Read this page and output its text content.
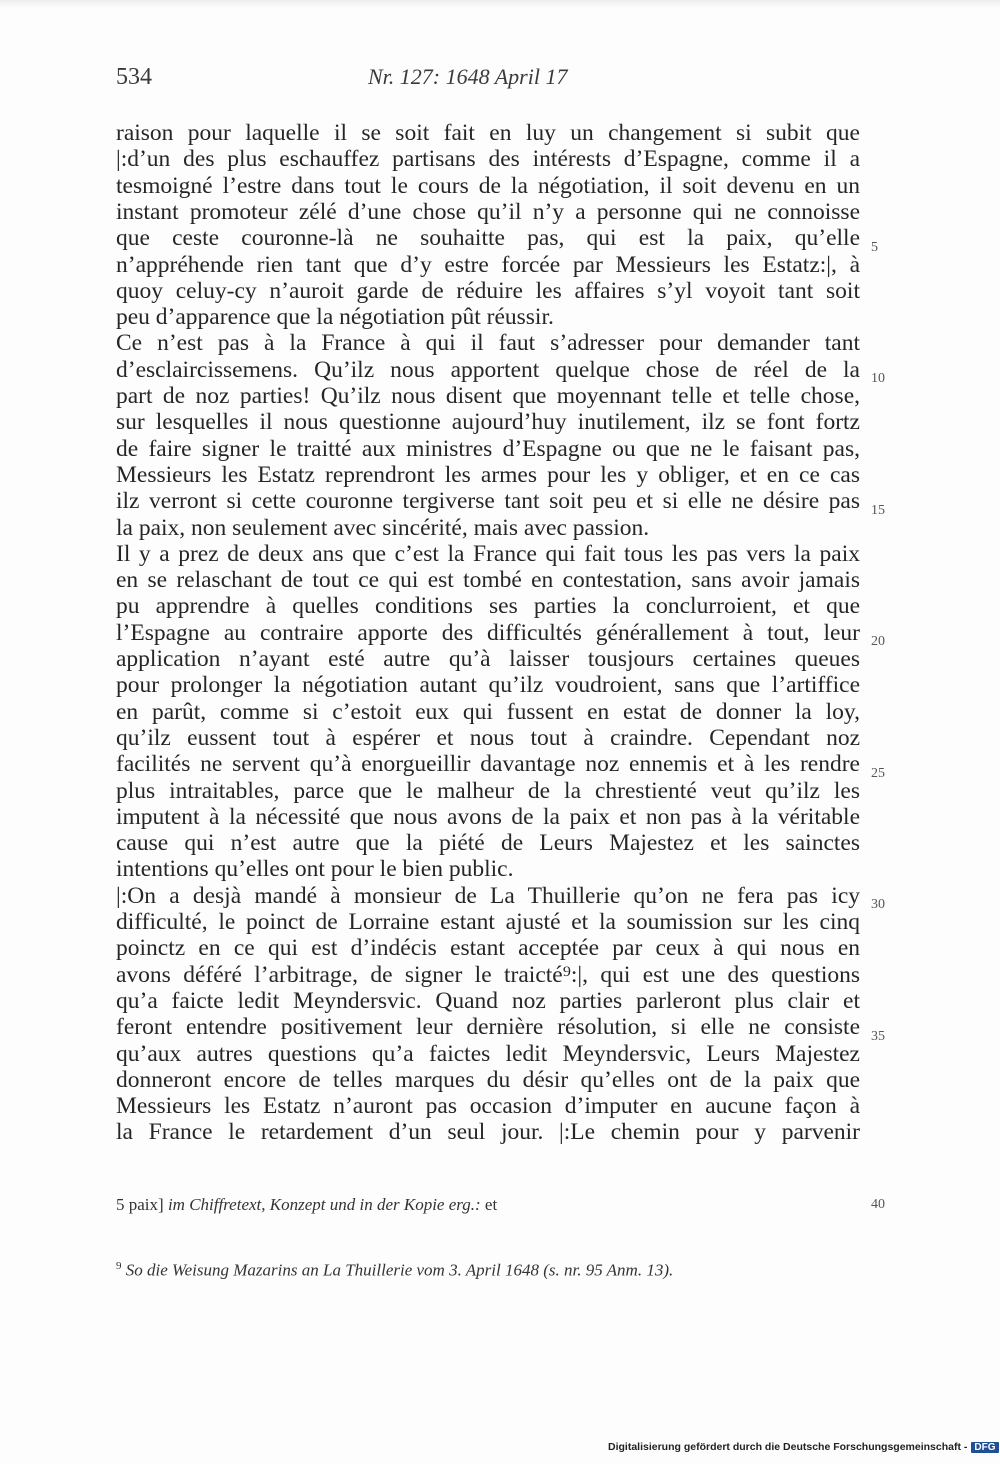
534	Nr. 127: 1648 April 17
raison pour laquelle il se soit fait en luy un changement si subit que
|:d’un des plus eschauffez partisans des intérests d’Espagne, comme il a
tesmoigné l’estre dans tout le cours de la négotiation, il soit devenu en un
instant promoteur zélé d’une chose qu’il n’y a personne qui ne connoisse
que ceste couronne-là ne souhaitte pas, qui est la paix, qu’elle
n’appréhende rien tant que d’y estre forcée par Messieurs les Estatz:|, à
quoy celuy-cy n’auroit garde de réduire les affaires s’yl voyoit tant soit
peu d’apparence que la négotiation pût réussir.
Ce n’est pas à la France à qui il faut s’adresser pour demander tant
d’esclaircissemens. Qu’ilz nous apportent quelque chose de réel de la
part de noz parties! Qu’ilz nous disent que moyennant telle et telle chose,
sur lesquelles il nous questionne aujourd’huy inutilement, ilz se font fortz
de faire signer le traitté aux ministres d’Espagne ou que ne le faisant pas,
Messieurs les Estatz reprendront les armes pour les y obliger, et en ce cas
ilz verront si cette couronne tergiverse tant soit peu et si elle ne désire pas
la paix, non seulement avec sincérité, mais avec passion.
Il y a prez de deux ans que c’est la France qui fait tous les pas vers la paix
en se relaschant de tout ce qui est tombé en contestation, sans avoir jamais
pu apprendre à quelles conditions ses parties la conclurroient, et que
l’Espagne au contraire apporte des difficultés générallement à tout, leur
application n’ayant esté autre qu’à laisser tousjours certaines queues
pour prolonger la négotiation autant qu’ilz voudroient, sans que l’artiffice
en parût, comme si c’estoit eux qui fussent en estat de donner la loy,
qu’ilz eussent tout à espérer et nous tout à craindre. Cependant noz
facilités ne servent qu’à enorgueillir davantage noz ennemis et à les rendre
plus intraitables, parce que le malheur de la chrestienté veut qu’ilz les
imputent à la nécessité que nous avons de la paix et non pas à la véritable
cause qui n’est autre que la piété de Leurs Majestez et les sainctes
intentions qu’elles ont pour le bien public.
|:On a desjà mandé à monsieur de La Thuillerie qu’on ne fera pas icy
difficulté, le poinct de Lorraine estant ajusté et la soumission sur les cinq
poinctz en ce qui est d’indécis estant acceptée par ceux à qui nous en
avons déféré l’arbitrage, de signer le traicté⁹:|, qui est une des questions
qu’a faicte ledit Meyndersvic. Quand noz parties parleront plus clair et
feront entendre positivement leur dernière résolution, si elle ne consiste
qu’aux autres questions qu’a faictes ledit Meyndersvic, Leurs Majestez
donneront encore de telles marques du désir qu’elles ont de la paix que
Messieurs les Estatz n’auront pas occasion d’imputer en aucune façon à
la France le retardement d’un seul jour. |:Le chemin pour y parvenir
5
10
15
20
25
30
35
40
5 paix] im Chiffretext, Konzept und in der Kopie erg.: et
$^9$ So die Weisung Mazarins an La Thuillerie vom 3. April 1648 (s. nr. 95 Anm. 13).
Digitalisierung gefördert durch die Deutsche Forschungsgemeinschaft - DFG
